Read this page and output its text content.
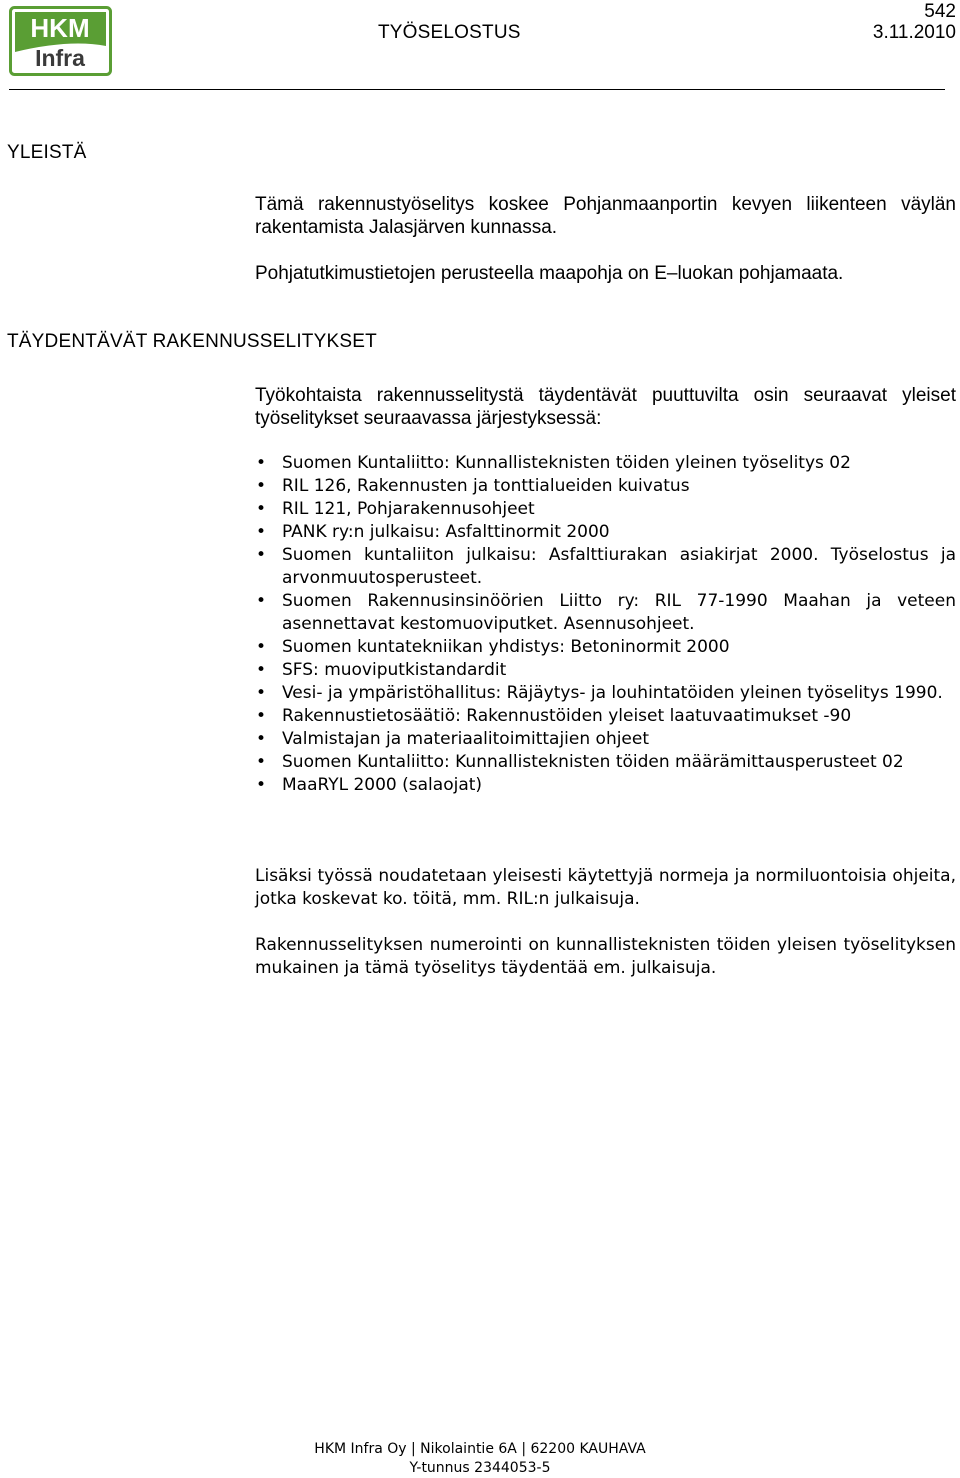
HKM
Infra
TYÖSELOSTUS
542
3.11.2010
YLEISTÄ

Tämä rakennustyöselitys koskee Pohjanmaanportin kevyen liikenteen väylän rakentamista Jalasjärven kunnassa.

Pohjatutkimustietojen perusteella maapohja on E–luokan pohjamaata.

TÄYDENTÄVÄT RAKENNUSSELITYKSET

Työkohtaista rakennusselitystä täydentävät puuttuvilta osin seuraavat yleiset työselitykset seuraavassa järjestyksessä:

• Suomen Kuntaliitto: Kunnallisteknisten töiden yleinen työselitys 02
• RIL 126, Rakennusten ja tonttialueiden kuivatus
• RIL 121, Pohjarakennusohjeet
• PANK ry:n julkaisu: Asfalttinormit 2000
• Suomen kuntaliiton julkaisu: Asfalttiurakan asiakirjat 2000. Työselostus ja arvonmuutosperusteet.
• Suomen Rakennusinsinöörien Liitto ry: RIL 77-1990 Maahan ja veteen asennettavat kestomuoviputket. Asennusohjeet.
• Suomen kuntatekniikan yhdistys: Betoninormit 2000
• SFS: muoviputkistandardit
• Vesi- ja ympäristöhallitus: Räjäytys- ja louhintatöiden yleinen työselitys 1990.
• Rakennustietosäätiö: Rakennustöiden yleiset laatuvaatimukset -90
• Valmistajan ja materiaalitoimittajien ohjeet
• Suomen Kuntaliitto: Kunnallisteknisten töiden määrämittausperusteet 02
• MaaRYL 2000 (salaojat)

Lisäksi työssä noudatetaan yleisesti käytettyjä normeja ja normiluontoisia ohjeita, jotka koskevat ko. töitä, mm. RIL:n julkaisuja.

Rakennusselityksen numerointi on kunnallisteknisten töiden yleisen työselityksen mukainen ja tämä työselitys täydentää em. julkaisuja.

HKM Infra Oy | Nikolaintie 6A | 62200 KAUHAVA
Y-tunnus 2344053-5
